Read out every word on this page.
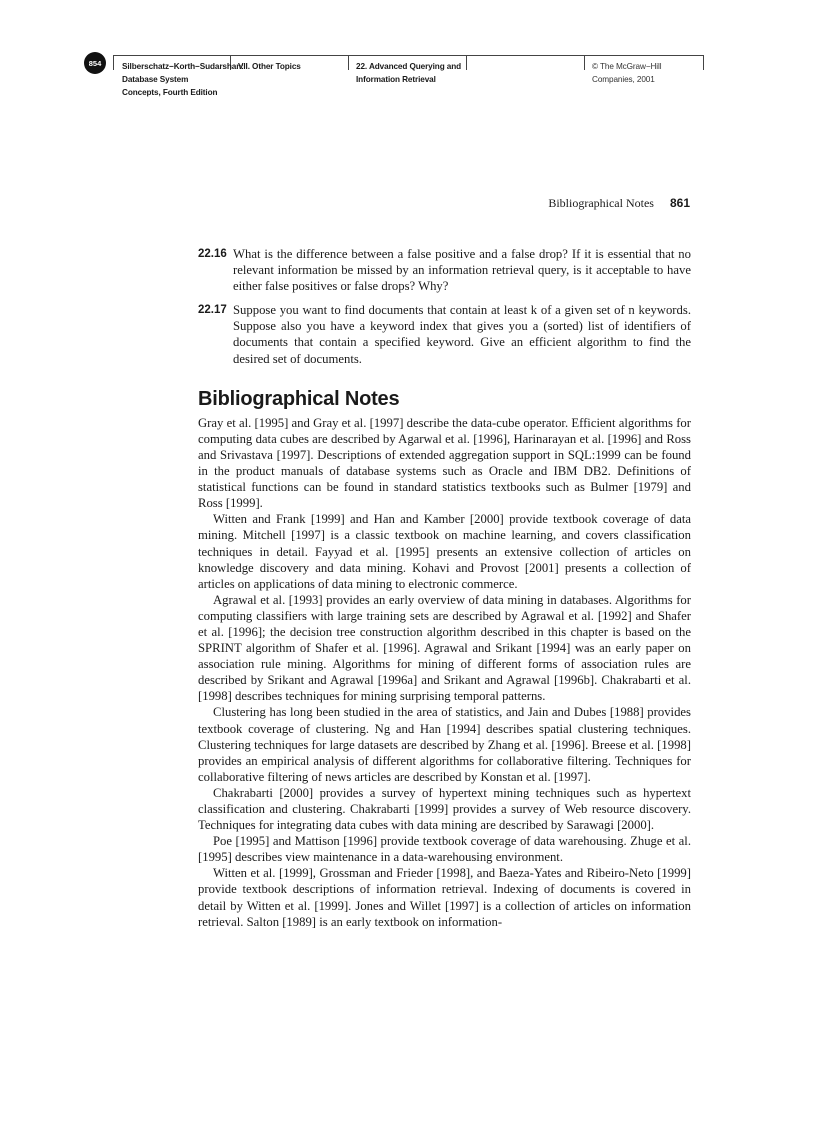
854	Silberschatz−Korth−Sudarshan:
Database System
Concepts, Fourth Edition
VII. Other Topics	22. Advanced Querying and
Information Retrieval
© The McGraw−Hill
Companies, 2001
Bibliographical Notes 861
22.16 What is the difference between a false positive and a false drop? If it is essential that no relevant information be missed by an information retrieval query, is it acceptable to have either false positives or false drops? Why?
22.17 Suppose you want to find documents that contain at least k of a given set of n keywords. Suppose also you have a keyword index that gives you a (sorted) list of identifiers of documents that contain a specified keyword. Give an efficient algorithm to find the desired set of documents.
Bibliographical Notes

Gray et al. [1995] and Gray et al. [1997] describe the data-cube operator. Efficient algorithms for computing data cubes are described by Agarwal et al. [1996], Harinarayan et al. [1996] and Ross and Srivastava [1997]. Descriptions of extended aggregation support in SQL:1999 can be found in the product manuals of database systems such as Oracle and IBM DB2. Definitions of statistical functions can be found in standard statistics textbooks such as Bulmer [1979] and Ross [1999].

Witten and Frank [1999] and Han and Kamber [2000] provide textbook coverage of data mining. Mitchell [1997] is a classic textbook on machine learning, and covers classification techniques in detail. Fayyad et al. [1995] presents an extensive collection of articles on knowledge discovery and data mining. Kohavi and Provost [2001] presents a collection of articles on applications of data mining to electronic commerce.

Agrawal et al. [1993] provides an early overview of data mining in databases. Algorithms for computing classifiers with large training sets are described by Agrawal et al. [1992] and Shafer et al. [1996]; the decision tree construction algorithm described in this chapter is based on the SPRINT algorithm of Shafer et al. [1996]. Agrawal and Srikant [1994] was an early paper on association rule mining. Algorithms for mining of different forms of association rules are described by Srikant and Agrawal [1996a] and Srikant and Agrawal [1996b]. Chakrabarti et al. [1998] describes techniques for mining surprising temporal patterns.

Clustering has long been studied in the area of statistics, and Jain and Dubes [1988] provides textbook coverage of clustering. Ng and Han [1994] describes spatial clustering techniques. Clustering techniques for large datasets are described by Zhang et al. [1996]. Breese et al. [1998] provides an empirical analysis of different algorithms for collaborative filtering. Techniques for collaborative filtering of news articles are described by Konstan et al. [1997].

Chakrabarti [2000] provides a survey of hypertext mining techniques such as hypertext classification and clustering. Chakrabarti [1999] provides a survey of Web resource discovery. Techniques for integrating data cubes with data mining are described by Sarawagi [2000].

Poe [1995] and Mattison [1996] provide textbook coverage of data warehousing. Zhuge et al. [1995] describes view maintenance in a data-warehousing environment.

Witten et al. [1999], Grossman and Frieder [1998], and Baeza-Yates and Ribeiro-Neto [1999] provide textbook descriptions of information retrieval. Indexing of documents is covered in detail by Witten et al. [1999]. Jones and Willet [1997] is a collection of articles on information retrieval. Salton [1989] is an early textbook on information-
